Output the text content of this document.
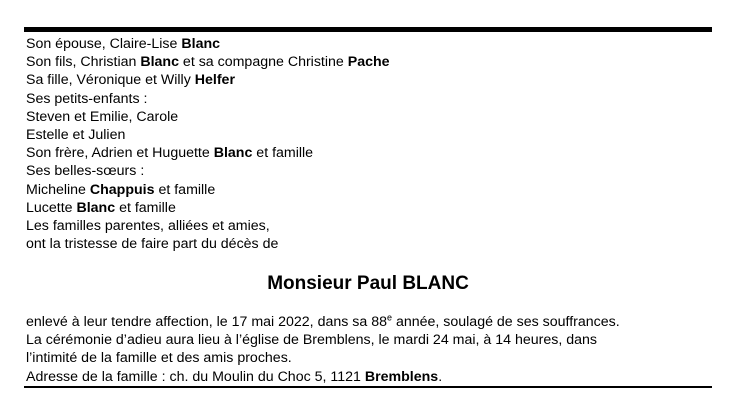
Son épouse, Claire-Lise Blanc
Son fils, Christian Blanc et sa compagne Christine Pache
Sa fille, Véronique et Willy Helfer
Ses petits-enfants :
Steven et Emilie, Carole
Estelle et Julien
Son frère, Adrien et Huguette Blanc et famille
Ses belles-sœurs :
Micheline Chappuis et famille
Lucette Blanc et famille
Les familles parentes, alliées et amies,
ont la tristesse de faire part du décès de
Monsieur Paul BLANC
enlevé à leur tendre affection, le 17 mai 2022, dans sa 88e année, soulagé de ses souffrances.
La cérémonie d’adieu aura lieu à l’église de Bremblens, le mardi 24 mai, à 14 heures, dans
l’intimité de la famille et des amis proches.
Adresse de la famille : ch. du Moulin du Choc 5, 1121 Bremblens.
